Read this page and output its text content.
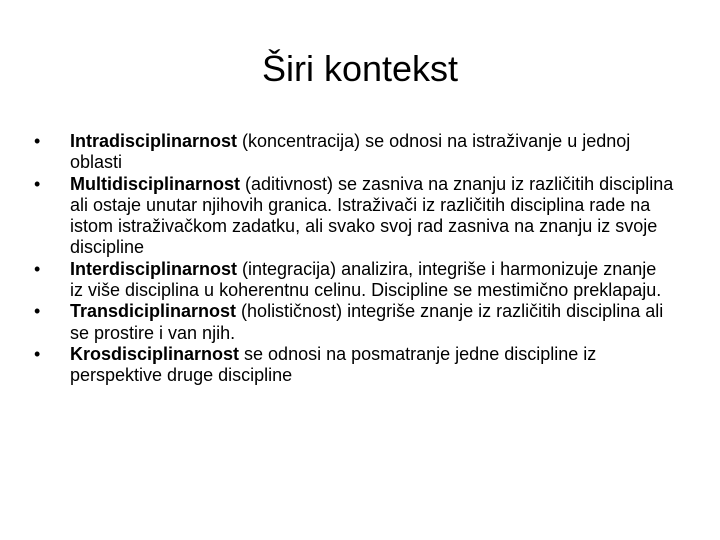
Širi kontekst
•	Intradisciplinarnost (koncentracija) se odnosi na istraživanje u jednoj oblasti
•	Multidisciplinarnost (aditivnost) se zasniva na znanju iz različitih disciplina ali ostaje unutar njihovih granica. Istraživači iz različitih disciplina rade na istom istraživačkom zadatku, ali svako svoj rad zasniva na znanju iz svoje discipline
•	Interdisciplinarnost (integracija) analizira, integriše i harmonizuje znanje iz više disciplina u koherentnu celinu. Discipline se mestimično preklapaju.
•	Transdiciplinarnost (holističnost) integriše znanje iz različitih disciplina ali se prostire i van njih.
•	Krosdisciplinarnost se odnosi na posmatranje jedne discipline iz perspektive druge discipline
